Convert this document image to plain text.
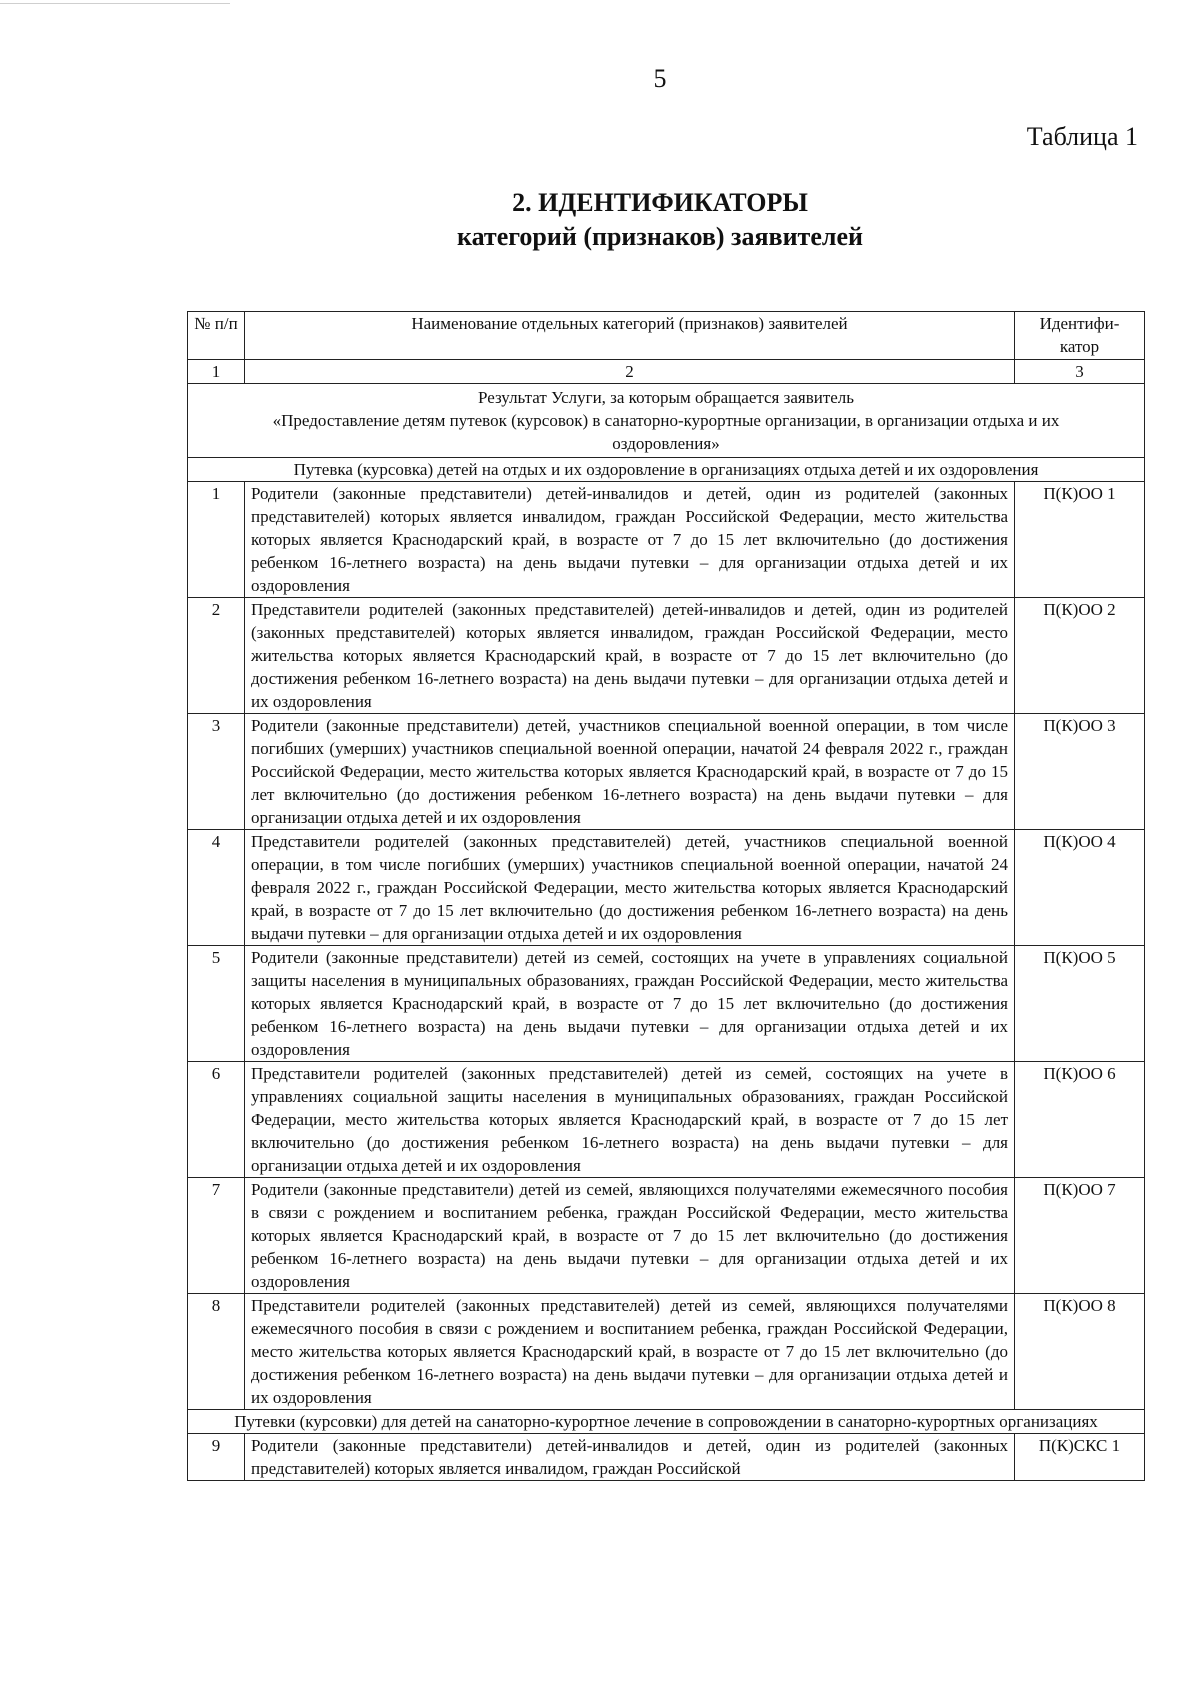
5
Таблица 1
2. ИДЕНТИФИКАТОРЫ
категорий (признаков) заявителей
№ п/п	Наименование отдельных категорий (признаков) заявителей	Идентифи-катор
1	2	3

Результат Услуги, за которым обращается заявитель
«Предоставление детям путевок (курсовок) в санаторно-курортные организации, в организации отдыха и их оздоровления»		

Путевка (курсовка) детей на отдых и их оздоровление в организациях отдыха детей и их оздоровления		
1	Родители (законные представители) детей-инвалидов и детей, один из родителей (законных представителей) которых является инвалидом, граждан Российской Федерации, место жительства которых является Краснодарский край, в возрасте от 7 до 15 лет включительно (до достижения ребенком 16-летнего возраста) на день выдачи путевки – для организации отдыха детей и их оздоровления	П(К)ОО 1
2	Представители родителей (законных представителей) детей-инвалидов и детей, один из родителей (законных представителей) которых является инвалидом, граждан Российской Федерации, место жительства которых является Краснодарский край, в возрасте от 7 до 15 лет включительно (до достижения ребенком 16-летнего возраста) на день выдачи путевки – для организации отдыха детей и их оздоровления	П(К)ОО 2
3	Родители (законные представители) детей, участников специальной военной операции, в том числе погибших (умерших) участников специальной военной операции, начатой 24 февраля 2022 г., граждан Российской Федерации, место жительства которых является Краснодарский край, в возрасте от 7 до 15 лет включительно (до достижения ребенком 16-летнего возраста) на день выдачи путевки – для организации отдыха детей и их оздоровления	П(К)ОО 3
4	Представители родителей (законных представителей) детей, участников специальной военной операции, в том числе погибших (умерших) участников специальной военной операции, начатой 24 февраля 2022 г., граждан Российской Федерации, место жительства которых является Краснодарский край, в возрасте от 7 до 15 лет включительно (до достижения ребенком 16-летнего возраста) на день выдачи путевки – для организации отдыха детей и их оздоровления	П(К)ОО 4
5	Родители (законные представители) детей из семей, состоящих на учете в управлениях социальной защиты населения в муниципальных образованиях, граждан Российской Федерации, место жительства которых является Краснодарский край, в возрасте от 7 до 15 лет включительно (до достижения ребенком 16-летнего возраста) на день выдачи путевки – для организации отдыха детей и их оздоровления	П(К)ОО 5
6	Представители родителей (законных представителей) детей из семей, состоящих на учете в управлениях социальной защиты населения в муниципальных образованиях, граждан Российской Федерации, место жительства которых является Краснодарский край, в возрасте от 7 до 15 лет включительно (до достижения ребенком 16-летнего возраста) на день выдачи путевки – для организации отдыха детей и их оздоровления	П(К)ОО 6
7	Родители (законные представители) детей из семей, являющихся получателями ежемесячного пособия в связи с рождением и воспитанием ребенка, граждан Российской Федерации, место жительства которых является Краснодарский край, в возрасте от 7 до 15 лет включительно (до достижения ребенком 16-летнего возраста) на день выдачи путевки – для организации отдыха детей и их оздоровления	П(К)ОО 7
8	Представители родителей (законных представителей) детей из семей, являющихся получателями ежемесячного пособия в связи с рождением и воспитанием ребенка, граждан Российской Федерации, место жительства которых является Краснодарский край, в возрасте от 7 до 15 лет включительно (до достижения ребенком 16-летнего возраста) на день выдачи путевки – для организации отдыха детей и их оздоровления	П(К)ОО 8
Путевки (курсовки) для детей на санаторно-курортное лечение в сопровождении в санаторно-курортных организациях		
9	Родители (законные представители) детей-инвалидов и детей, один из родителей (законных представителей) которых является инвалидом, граждан Российской	П(К)СКС 1
